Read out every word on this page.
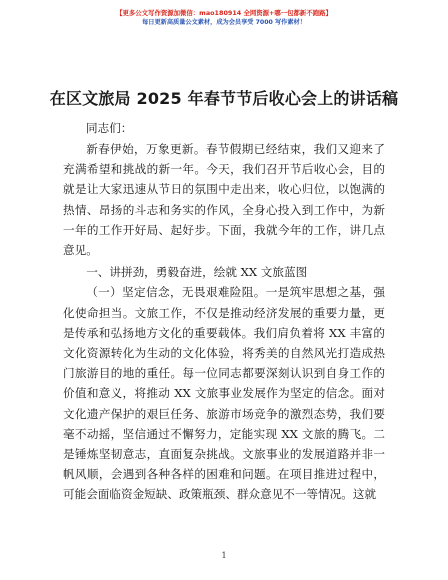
【更多公文写作资源加微信：mao180914 全网资源+哪一包都新不跑路】
每日更新高质量公文素材，成为会员享受 7000 写作素材！
在区文旅局 2025 年春节节后收心会上的讲话稿
同志们：

新春伊始，万象更新。春节假期已经结束，我们又迎来了充满希望和挑战的新一年。今天，我们召开节后收心会，目的就是让大家迅速从节日的氛围中走出来，收心归位，以饱满的热情、昂扬的斗志和务实的作风，全身心投入到工作中，为新一年的工作开好局、起好步。下面，我就今年的工作，讲几点意见。

一、讲拼劲，勇毅奋进，绘就 XX 文旅蓝图

（一）坚定信念，无畏艰难险阻。一是筑牢思想之基，强化使命担当。文旅工作，不仅是推动经济发展的重要力量，更是传承和弘扬地方文化的重要载体。我们肩负着将 XX 丰富的文化资源转化为生动的文化体验，将秀美的自然风光打造成热门旅游目的地的重任。每一位同志都要深刻认识到自身工作的价值和意义，将推动 XX 文旅事业发展作为坚定的信念。面对文化遗产保护的艰巨任务、旅游市场竞争的激烈态势，我们要毫不动摇，坚信通过不懈努力，定能实现 XX 文旅的腾飞。二是锤炼坚韧意志，直面复杂挑战。文旅事业的发展道路并非一帆风顺，会遇到各种各样的困难和问题。在项目推进过程中，可能会面临资金短缺、政策瓶颈、群众意见不一等情况。这就

1
